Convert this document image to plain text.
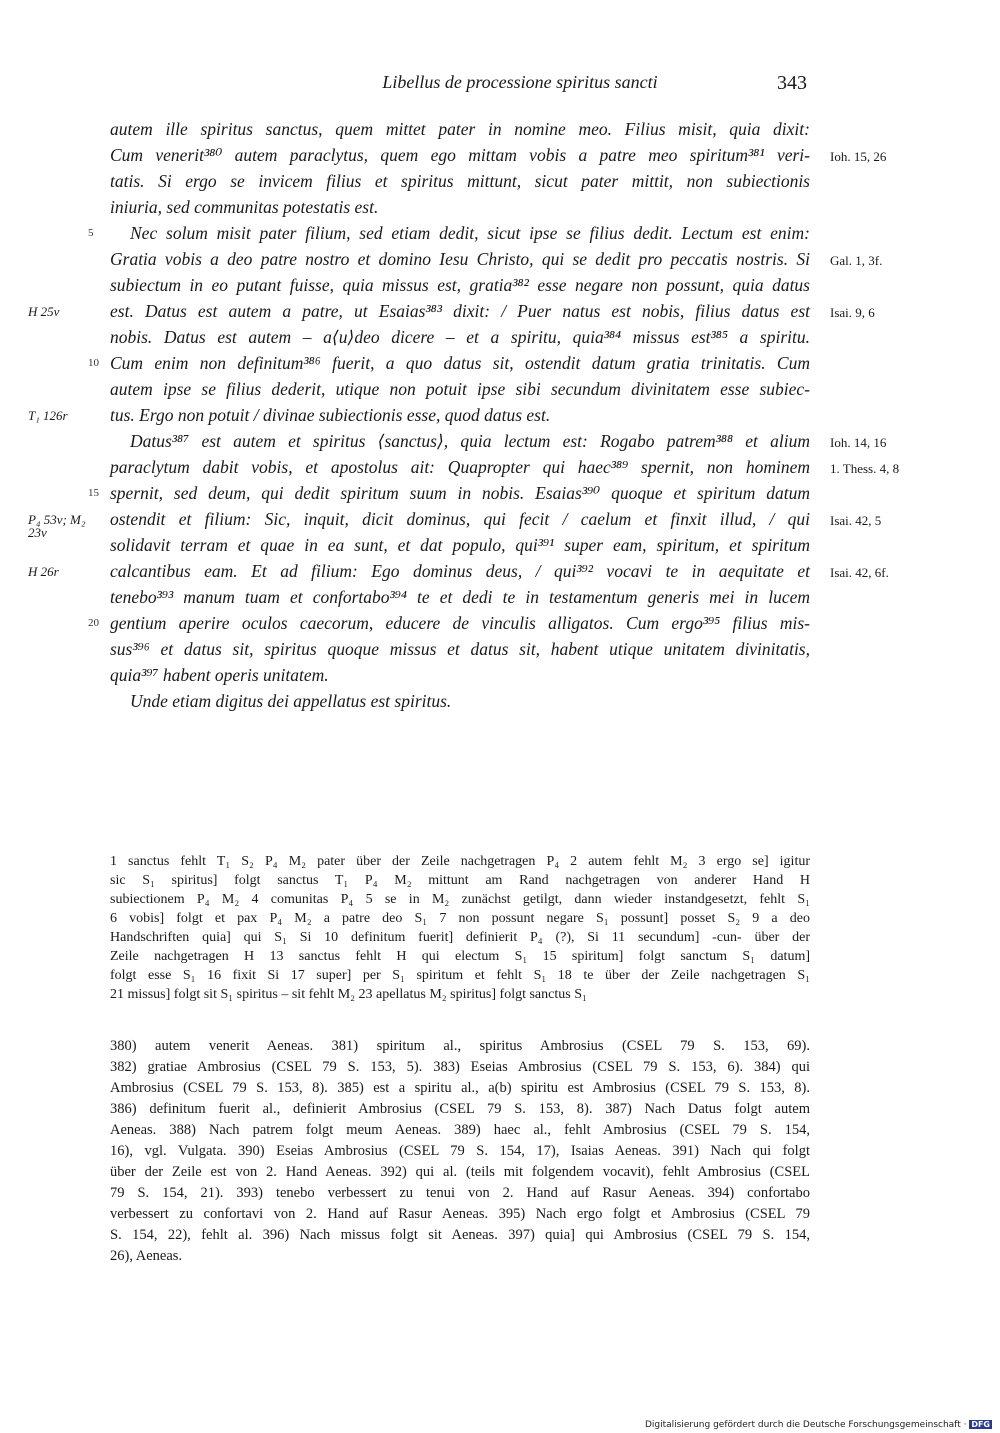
Libellus de processione spiritus sancti	343
autem ille spiritus sanctus, quem mittet pater in nomine meo. Filius misit, quia dixit:
Cum venerit³⁸⁰ autem paraclytus, quem ego mittam vobis a patre meo spiritum³⁸¹ veri-
tatis. Si ergo se invicem filius et spiritus mittunt, sicut pater mittit, non subiectionis
iniuria, sed communitas potestatis est.
Nec solum misit pater filium, sed etiam dedit, sicut ipse se filius dedit. Lectum est enim:
5
Gratia vobis a deo patre nostro et domino Iesu Christo, qui se dedit pro peccatis nostris. Si
subiectum in eo putant fuisse, quia missus est, gratia³⁸² esse negare non possunt, quia datus
est. Datus est autem a patre, ut Esaias³⁸³ dixit: / Puer natus est nobis, filius datus est
nobis. Datus est autem – a⟨u⟩deo dicere – et a spiritu, quia³⁸⁴ missus est³⁸⁵ a spiritu.
Cum enim non definitum³⁸⁶ fuerit, a quo datus sit, ostendit datum gratia trinitatis. Cum
10
autem ipse se filius dederit, utique non potuit ipse sibi secundum divinitatem esse subiec-
tus. Ergo non potuit / divinae subiectionis esse, quod datus est.
Datus³⁸⁷ est autem et spiritus ⟨sanctus⟩, quia lectum est: Rogabo patrem³⁸⁸ et alium
paraclytum dabit vobis, et apostolus ait: Quapropter qui haec³⁸⁹ spernit, non hominem
spernit, sed deum, qui dedit spiritum suum in nobis. Esaias³⁹⁰ quoque et spiritum datum
15
ostendit et filium: Sic, inquit, dicit dominus, qui fecit / caelum et finxit illud, / qui
solidavit terram et quae in ea sunt, et dat populo, qui³⁹¹ super eam, spiritum, et spiritum
calcantibus eam. Et ad filium: Ego dominus deus, / qui³⁹² vocavi te in aequitate et
tenebo³⁹³ manum tuam et confortabo³⁹⁴ te et dedi te in testamentum generis mei in lucem
gentium aperire oculos caecorum, educere de vinculis alligatos. Cum ergo³⁹⁵ filius mis-
20
sus³⁹⁶ et datus sit, spiritus quoque missus et datus sit, habent utique unitatem divinitatis,
quia³⁹⁷ habent operis unitatem.
Unde etiam digitus dei appellatus est spiritus.
H 25v
T₁ 126r
P₄ 53v; M₂ 23v
H 26r
Ioh. 15, 26
Gal. 1, 3f.
Isai. 9, 6
Ioh. 14, 16
1. Thess. 4, 8
Isai. 42, 5
Isai. 42, 6f.
1 sanctus fehlt T₁ S₂ P₄ M₂ pater über der Zeile nachgetragen P₄ 2 autem fehlt M₂ 3 ergo se] igitur
sic S₁ spiritus] folgt sanctus T₁ P₄ M₂ mittunt am Rand nachgetragen von anderer Hand H
subiectionem P₄ M₂ 4 comunitas P₄ 5 se in M₂ zunächst getilgt, dann wieder instandgesetzt, fehlt S₁
6 vobis] folgt et pax P₄ M₂ a patre deo S₁ 7 non possunt negare S₁ possunt] posset S₂ 9 a deo
Handschriften quia] qui S₁ Si 10 definitum fuerit] definierit P₄ (?), Si 11 secundum] -cun- über der
Zeile nachgetragen H 13 sanctus fehlt H qui electum S₁ 15 spiritum] folgt sanctum S₁ datum]
folgt esse S₁ 16 fixit Si 17 super] per S₁ spiritum et fehlt S₁ 18 te über der Zeile nachgetragen S₁
21 missus] folgt sit S₁ spiritus – sit fehlt M₂ 23 apellatus M₂ spiritus] folgt sanctus S₁
380) autem venerit Aeneas. 381) spiritum al., spiritus Ambrosius (CSEL 79 S. 153, 69).
382) gratiae Ambrosius (CSEL 79 S. 153, 5). 383) Eseias Ambrosius (CSEL 79 S. 153, 6). 384) qui
Ambrosius (CSEL 79 S. 153, 8). 385) est a spiritu al., a(b) spiritu est Ambrosius (CSEL 79 S. 153, 8).
386) definitum fuerit al., definierit Ambrosius (CSEL 79 S. 153, 8). 387) Nach Datus folgt autem
Aeneas. 388) Nach patrem folgt meum Aeneas. 389) haec al., fehlt Ambrosius (CSEL 79 S. 154,
16), vgl. Vulgata. 390) Eseias Ambrosius (CSEL 79 S. 154, 17), Isaias Aeneas. 391) Nach qui folgt
über der Zeile est von 2. Hand Aeneas. 392) qui al. (teils mit folgendem vocavit), fehlt Ambrosius (CSEL
79 S. 154, 21). 393) tenebo verbessert zu tenui von 2. Hand auf Rasur Aeneas. 394) confortabo
verbessert zu confortavi von 2. Hand auf Rasur Aeneas. 395) Nach ergo folgt et Ambrosius (CSEL 79
S. 154, 22), fehlt al. 396) Nach missus folgt sit Aeneas. 397) quia] qui Ambrosius (CSEL 79 S. 154,
26), Aeneas.
Digitalisierung gefördert durch die Deutsche Forschungsgemeinschaft · DFG
